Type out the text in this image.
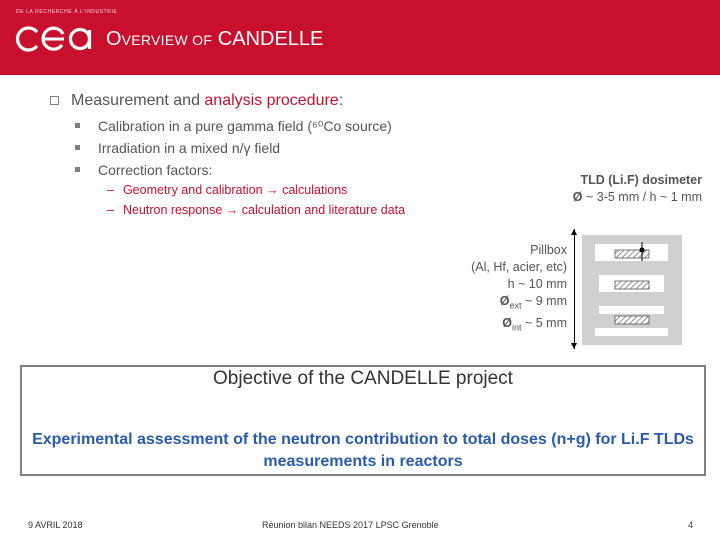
DE LA RECHERCHE À L'INDUSTRIE
OVERVIEW OF CANDELLE
Measurement and analysis procedure:
Calibration in a pure gamma field (⁶⁰Co source)
Irradiation in a mixed n/γ field
Correction factors:
– Geometry and calibration → calculations
– Neutron response → calculation and literature data
TLD (Li.F) dosimeter
Ø ~ 3-5 mm / h ~ 1 mm
Pillbox
(Al, Hf, acier, etc)
h ~ 10 mm
$Ø_{ext}$ ~ 9 mm
$Ø_{int}$ ~ 5 mm
Objective of the CANDELLE project
Experimental assessment of the neutron contribution to total doses (n+g) for Li.F TLDs measurements in reactors
9 AVRIL 2018	Réunion bilan NEEDS 2017 LPSC Grenoble	4
